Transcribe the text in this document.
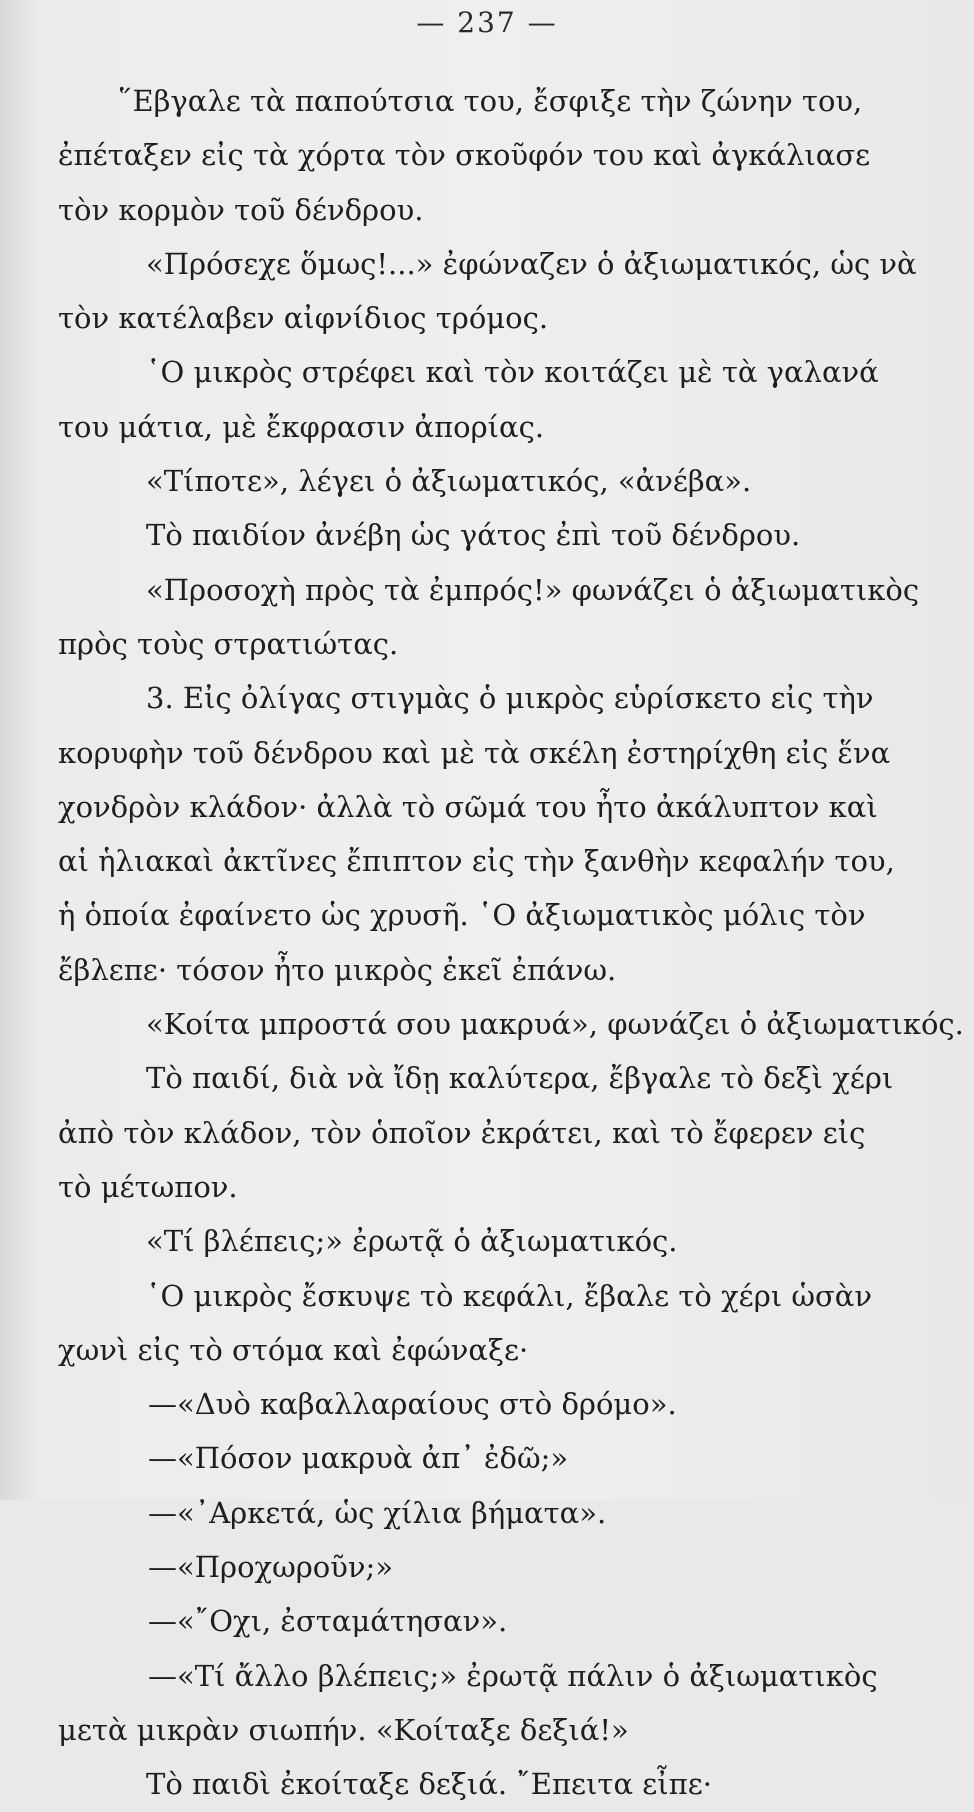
— 237 —
῞Εβγαλε τὰ παπούτσια του, ἔσφιξε τὴν ζώνην του,
ἐπέταξεν εἰς τὰ χόρτα τὸν σκοῦφόν του καὶ ἀγκάλιασε
τὸν κορμὸν τοῦ δένδρου.
«Πρόσεχε ὅμως!...» ἐφώναζεν ὁ ἀξιωματικός, ὡς νὰ
τὸν κατέλαβεν αἰφνίδιος τρόμος.
῾Ο μικρὸς στρέφει καὶ τὸν κοιτάζει μὲ τὰ γαλανά
του μάτια, μὲ ἔκφρασιν ἀπορίας.
«Τίποτε», λέγει ὁ ἀξιωματικός, «ἀνέβα».
Τὸ παιδίον ἀνέβη ὡς γάτος ἐπὶ τοῦ δένδρου.
«Προσοχὴ πρὸς τὰ ἐμπρός!» φωνάζει ὁ ἀξιωματικὸς
πρὸς τοὺς στρατιώτας.
3. Εἰς ὀλίγας στιγμὰς ὁ μικρὸς εὑρίσκετο εἰς τὴν
κορυφὴν τοῦ δένδρου καὶ μὲ τὰ σκέλη ἐστηρίχθη εἰς ἕνα
χονδρὸν κλάδον· ἀλλὰ τὸ σῶμά του ἦτο ἀκάλυπτον καὶ
αἱ ἡλιακαὶ ἀκτῖνες ἔπιπτον εἰς τὴν ξανθὴν κεφαλήν του,
ἡ ὁποία ἐφαίνετο ὡς χρυσῆ. ῾Ο ἀξιωματικὸς μόλις τὸν
ἔβλεπε· τόσον ἦτο μικρὸς ἐκεῖ ἐπάνω.
«Κοίτα μπροστά σου μακρυά», φωνάζει ὁ ἀξιωματικός.
Τὸ παιδί, διὰ νὰ ἴδῃ καλύτερα, ἔβγαλε τὸ δεξὶ χέρι
ἀπὸ τὸν κλάδον, τὸν ὁποῖον ἐκράτει, καὶ τὸ ἔφερεν εἰς
τὸ μέτωπον.
«Τί βλέπεις;» ἐρωτᾷ ὁ ἀξιωματικός.
῾Ο μικρὸς ἔσκυψε τὸ κεφάλι, ἔβαλε τὸ χέρι ὡσὰν
χωνὶ εἰς τὸ στόμα καὶ ἐφώναξε·
—«Δυὸ καβαλλαραίους στὸ δρόμο».
—«Πόσον μακρυὰ ἀπ᾿ ἐδῶ;»
—«᾿Αρκετά, ὡς χίλια βήματα».
—«Προχωροῦν;»
—«῎Οχι, ἐσταμάτησαν».
—«Τί ἄλλο βλέπεις;» ἐρωτᾷ πάλιν ὁ ἀξιωματικὸς
μετὰ μικρὰν σιωπήν. «Κοίταξε δεξιά!»
Τὸ παιδὶ ἐκοίταξε δεξιά. ῎Επειτα εἶπε·
